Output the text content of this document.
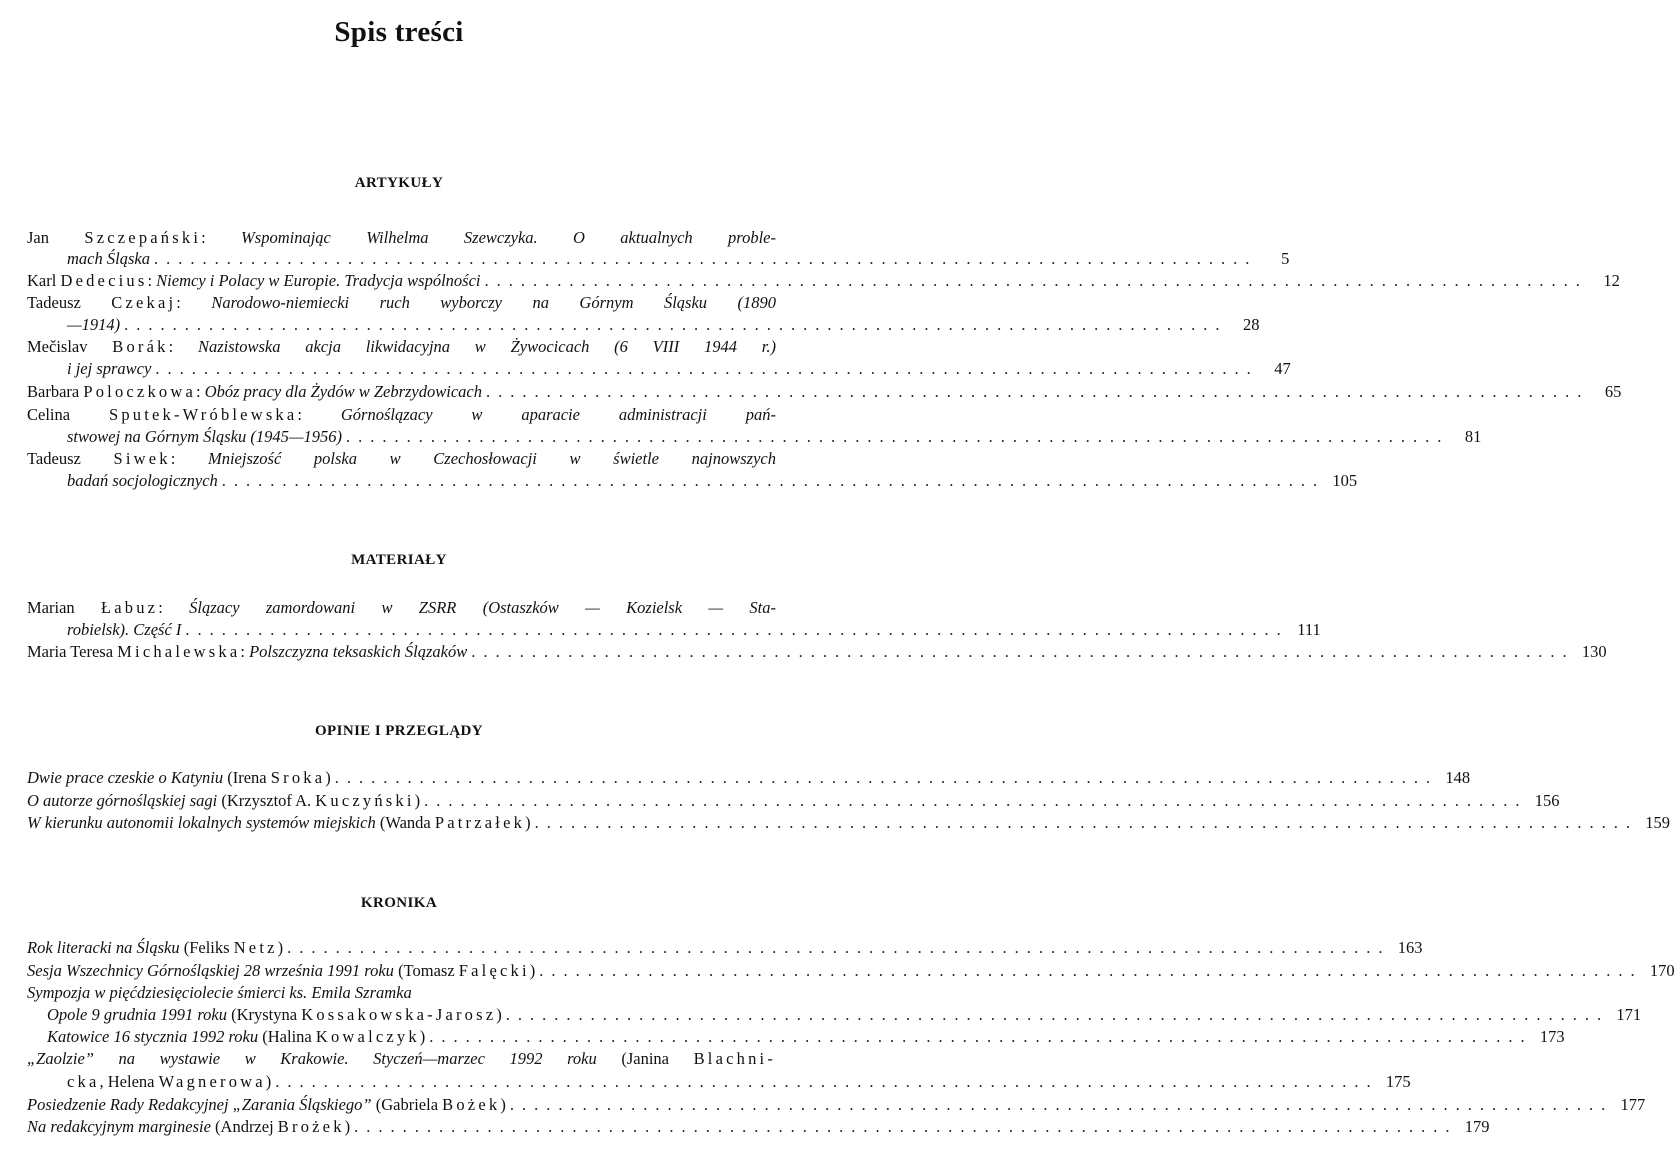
Spis treści
ARTYKUŁY
MATERIAŁY
OPINIE I PRZEGLĄDY
KRONIKA
Jan Szczepański: Wspominając Wilhelma Szewczyka. O aktualnych proble-
mach Śląska ...........................................................................................	5
Karl Dedecius: Niemcy i Polacy w Europie. Tradycja wspólności ........................................................................................... 12
Tadeusz Czekaj: Narodowo-niemiecki ruch wyborczy na Górnym Śląsku (1890
—1914) ........................................................................................... 28
Mečislav Borák: Nazistowska akcja likwidacyjna w Żywocicach (6 VIII 1944 r.)
i jej sprawcy ........................................................................................... 47
Barbara Poloczkowa: Obóz pracy dla Żydów w Zebrzydowicach ........................................................................................... 65
Celina Sputek-Wróblewska: Górnoślązacy w aparacie administracji pań-
stwowej na Górnym Śląsku (1945—1956) ........................................................................................... 81
Tadeusz Siwek: Mniejszość polska w Czechosłowacji w świetle najnowszych
badań socjologicznych ........................................................................................... 105
Marian Łabuz: Ślązacy zamordowani w ZSRR (Ostaszków — Kozielsk — Sta-
robielsk). Część I ........................................................................................... 111
Maria Teresa Michalewska: Polszczyzna teksaskich Ślązaków ........................................................................................... 130
Dwie prace czeskie o Katyniu (Irena Sroka) ........................................................................................... 148
O autorze górnośląskiej sagi (Krzysztof A. Kuczyński) ........................................................................................... 156
W kierunku autonomii lokalnych systemów miejskich (Wanda Patrzałek) ........................................................................................... 159
Rok literacki na Śląsku (Feliks Netz) ........................................................................................... 163
Sesja Wszechnicy Górnośląskiej 28 września 1991 roku (Tomasz Falęcki) ........................................................................................... 170
Sympozja w pięćdziesięciolecie śmierci ks. Emila Szramka
Opole 9 grudnia 1991 roku (Krystyna Kossakowska-Jarosz) ........................................................................................... 171
Katowice 16 stycznia 1992 roku (Halina Kowalczyk) ........................................................................................... 173
„Zaolzie” na wystawie w Krakowie. Styczeń—marzec 1992 roku (Janina Blachni-
cka, Helena Wagnerowa) ........................................................................................... 175
Posiedzenie Rady Redakcyjnej „Zarania Śląskiego” (Gabriela Bożek) ........................................................................................... 177
Na redakcyjnym marginesie (Andrzej Brożek) ........................................................................................... 179
